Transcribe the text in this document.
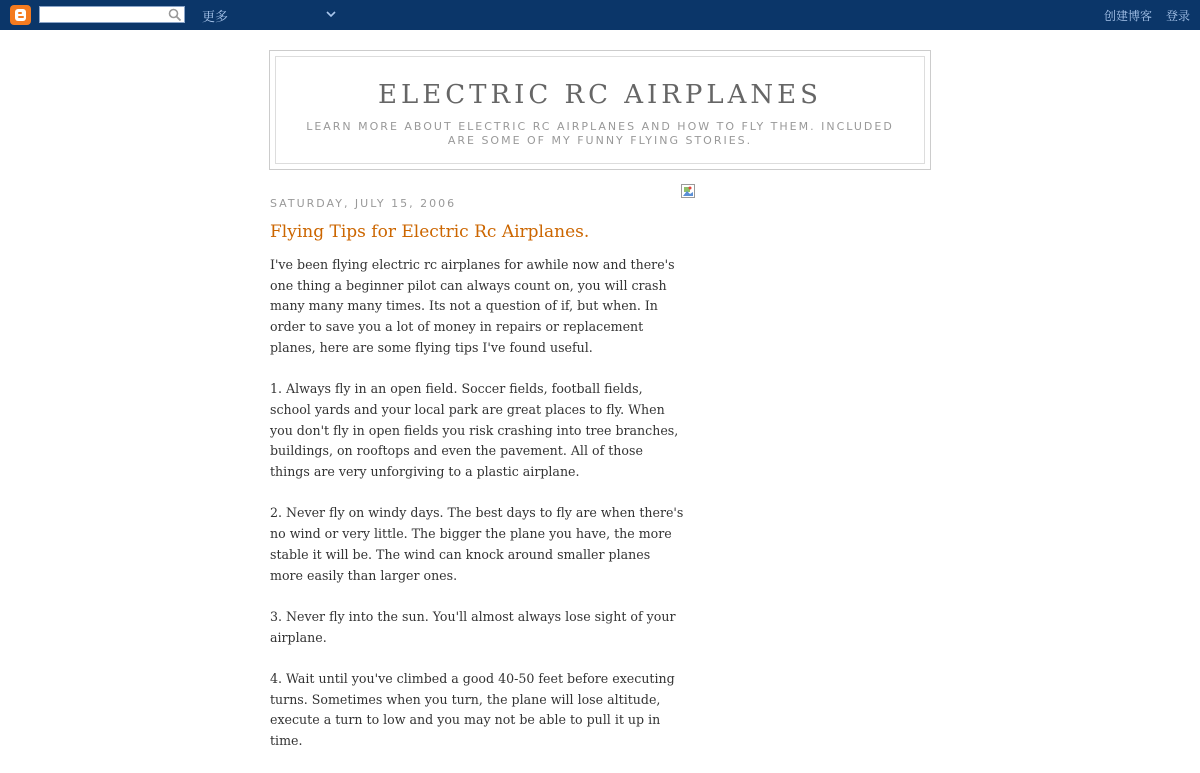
更多	创建博客 登录
ELECTRIC RC AIRPLANES
LEARN MORE ABOUT ELECTRIC RC AIRPLANES AND HOW TO FLY THEM. INCLUDED ARE SOME OF MY FUNNY FLYING STORIES.
SATURDAY, JULY 15, 2006
Flying Tips for Electric Rc Airplanes.

I've been flying electric rc airplanes for awhile now and there's one thing a beginner pilot can always count on, you will crash many many many times. Its not a question of if, but when. In order to save you a lot of money in repairs or replacement planes, here are some flying tips I've found useful.

1. Always fly in an open field. Soccer fields, football fields, school yards and your local park are great places to fly. When you don't fly in open fields you risk crashing into tree branches, buildings, on rooftops and even the pavement. All of those things are very unforgiving to a plastic airplane.

2. Never fly on windy days. The best days to fly are when there's no wind or very little. The bigger the plane you have, the more stable it will be. The wind can knock around smaller planes more easily than larger ones.

3. Never fly into the sun. You'll almost always lose sight of your airplane.

4. Wait until you've climbed a good 40-50 feet before executing turns. Sometimes when you turn, the plane will lose altitude, execute a turn to low and you may not be able to pull it up in time.
